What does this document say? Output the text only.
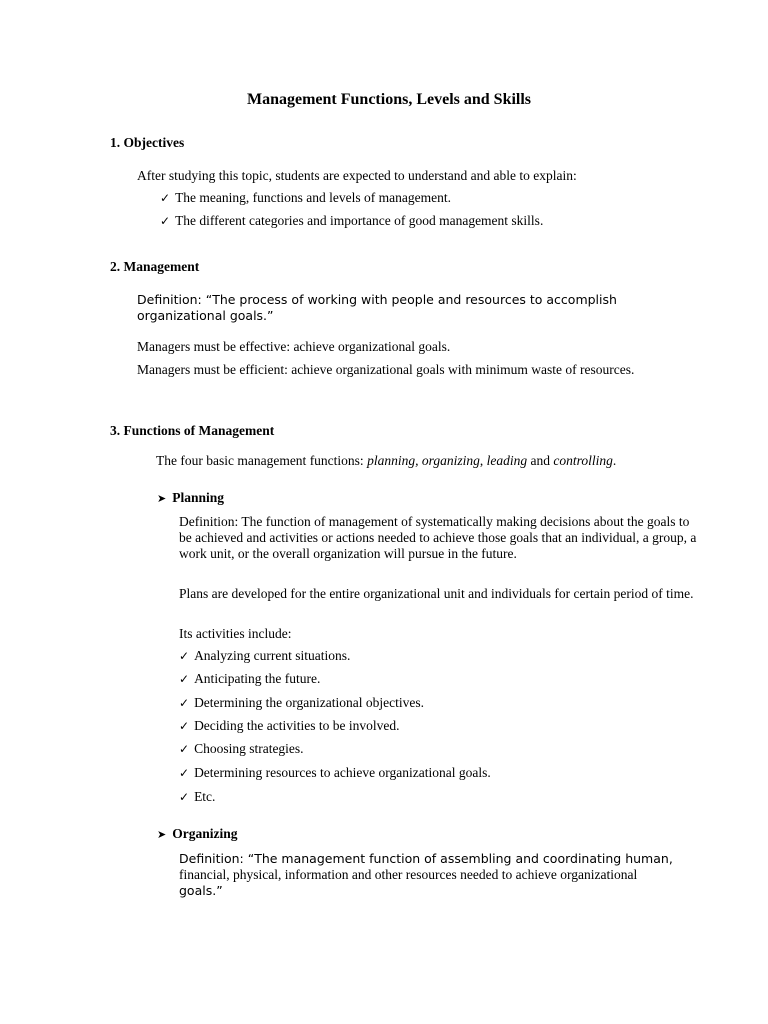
Management Functions, Levels and Skills
1. Objectives
After studying this topic, students are expected to understand and able to explain:
✓ The meaning, functions and levels of management.
✓ The different categories and importance of good management skills.
2. Management
Definition: “The process of working with people and resources to accomplish
organizational goals.”
Managers must be effective: achieve organizational goals.
Managers must be efficient: achieve organizational goals with minimum waste of resources.
3. Functions of Management
The four basic management functions: planning, organizing, leading and controlling.
➤ Planning
Definition: The function of management of systematically making decisions about the goals to be achieved and activities or actions needed to achieve those goals that an individual, a group, a work unit, or the overall organization will pursue in the future.
Plans are developed for the entire organizational unit and individuals for certain period of time.
Its activities include:
✓ Analyzing current situations.
✓ Anticipating the future.
✓ Determining the organizational objectives.
✓ Deciding the activities to be involved.
✓ Choosing strategies.
✓ Determining resources to achieve organizational goals.
✓ Etc.
➤ Organizing
Definition: “The management function of assembling and coordinating human,
financial, physical, information and other resources needed to achieve organizational
goals.”
